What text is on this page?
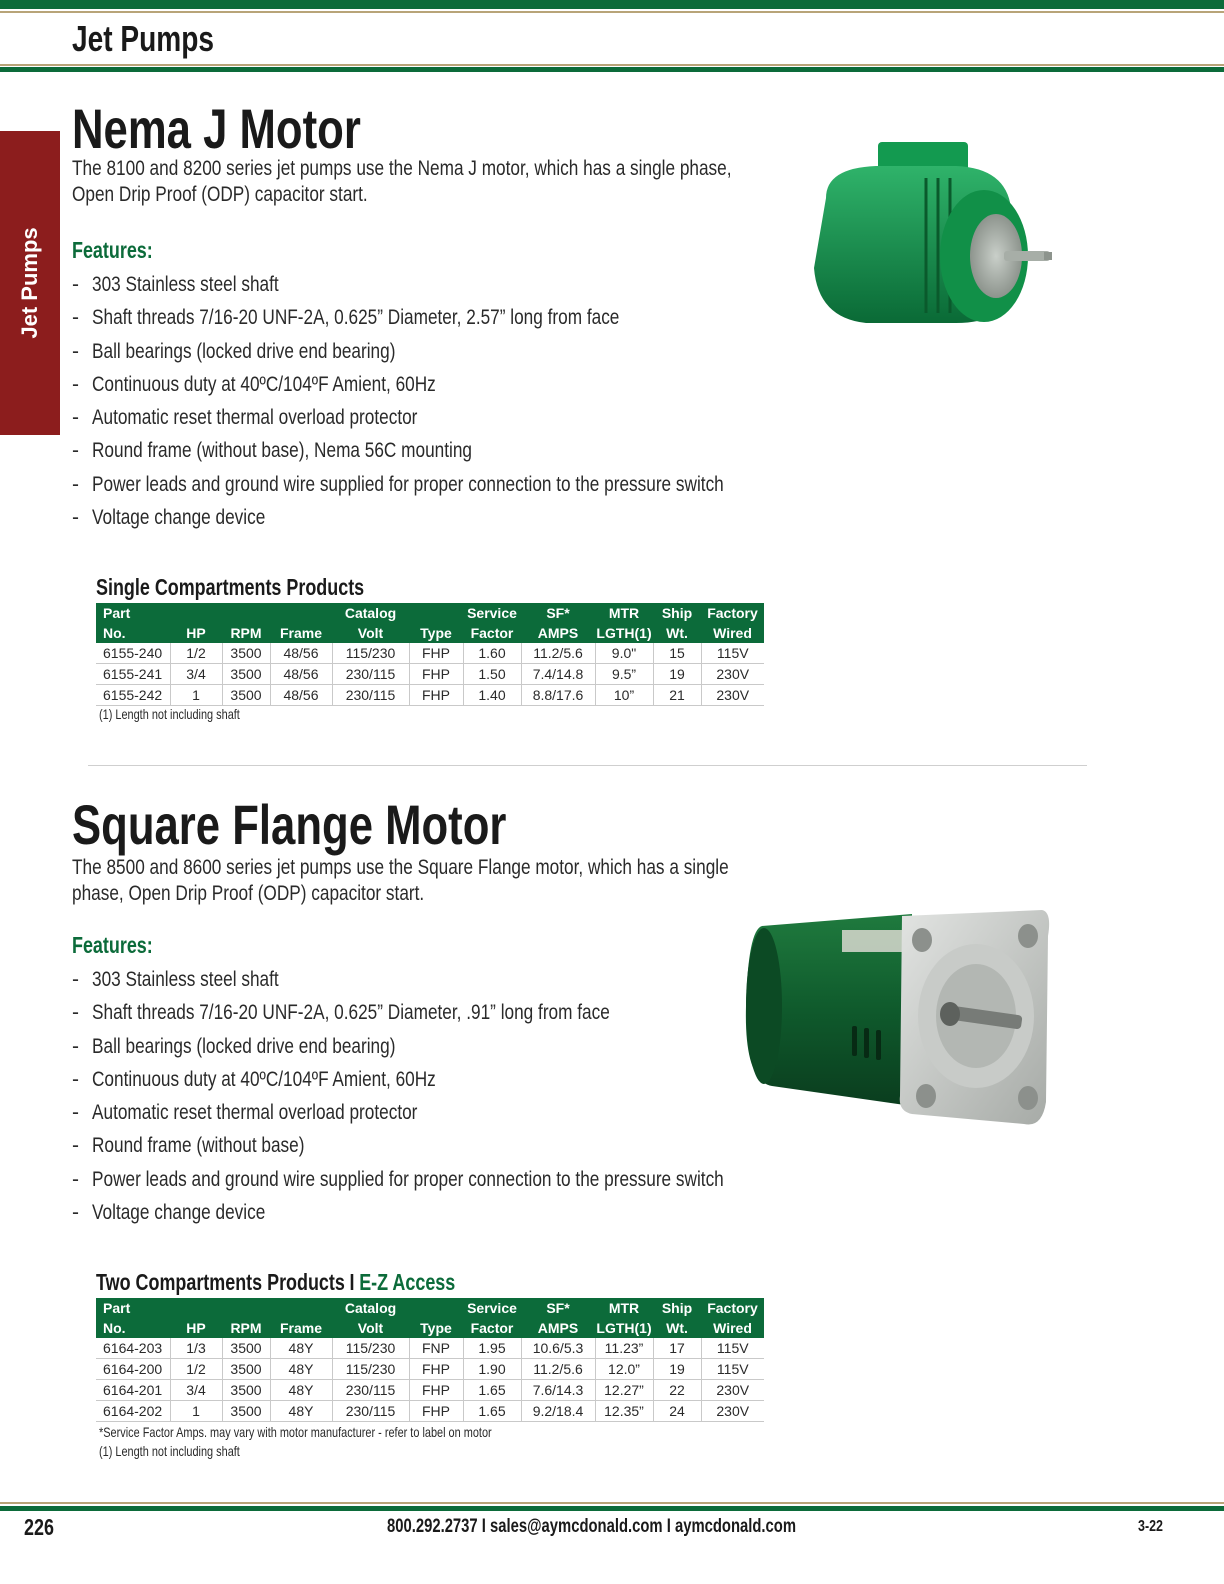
Jet Pumps
Jet Pumps
Nema J Motor
The 8100 and 8200 series jet pumps use the Nema J motor, which has a single phase,
Open Drip Proof (ODP) capacitor start.
Features:
- 303 Stainless steel shaft
- Shaft threads 7/16-20 UNF-2A, 0.625” Diameter, 2.57” long from face
- Ball bearings (locked drive end bearing)
- Continuous duty at 40ºC/104ºF Amient, 60Hz
- Automatic reset thermal overload protector
- Round frame (without base), Nema 56C mounting
- Power leads and ground wire supplied for proper connection to the pressure switch
- Voltage change device
Single Compartments Products
Part				Catalog		Service	SF*	MTR	Ship	Factory
No.	HP	RPM	Frame	Volt	Type	Factor	AMPS	LGTH(1)	Wt.	Wired
6155-240	1/2	3500	48/56	115/230	FHP	1.60	11.2/5.6	9.0"	15	115V
6155-241	3/4	3500	48/56	230/115	FHP	1.50	7.4/14.8	9.5”	19	230V
6155-242	1	3500	48/56	230/115	FHP	1.40	8.8/17.6	10”	21	230V
(1) Length not including shaft
Square Flange Motor
The 8500 and 8600 series jet pumps use the Square Flange motor, which has a single
phase, Open Drip Proof (ODP) capacitor start.
Features:
- 303 Stainless steel shaft
- Shaft threads 7/16-20 UNF-2A, 0.625” Diameter, .91” long from face
- Ball bearings (locked drive end bearing)
- Continuous duty at 40ºC/104ºF Amient, 60Hz
- Automatic reset thermal overload protector
- Round frame (without base)
- Power leads and ground wire supplied for proper connection to the pressure switch
- Voltage change device
Two Compartments Products I E-Z Access
Part				Catalog		Service	SF*	MTR	Ship	Factory
No.	HP	RPM	Frame	Volt	Type	Factor	AMPS	LGTH(1)	Wt.	Wired
6164-203	1/3	3500	48Y	115/230	FNP	1.95	10.6/5.3	11.23”	17	115V
6164-200	1/2	3500	48Y	115/230	FHP	1.90	11.2/5.6	12.0”	19	115V
6164-201	3/4	3500	48Y	230/115	FHP	1.65	7.6/14.3	12.27”	22	230V
6164-202	1	3500	48Y	230/115	FHP	1.65	9.2/18.4	12.35”	24	230V
*Service Factor Amps. may vary with motor manufacturer - refer to label on motor
(1) Length not including shaft
226	800.292.2737 I sales@aymcdonald.com I aymcdonald.com	3-22
